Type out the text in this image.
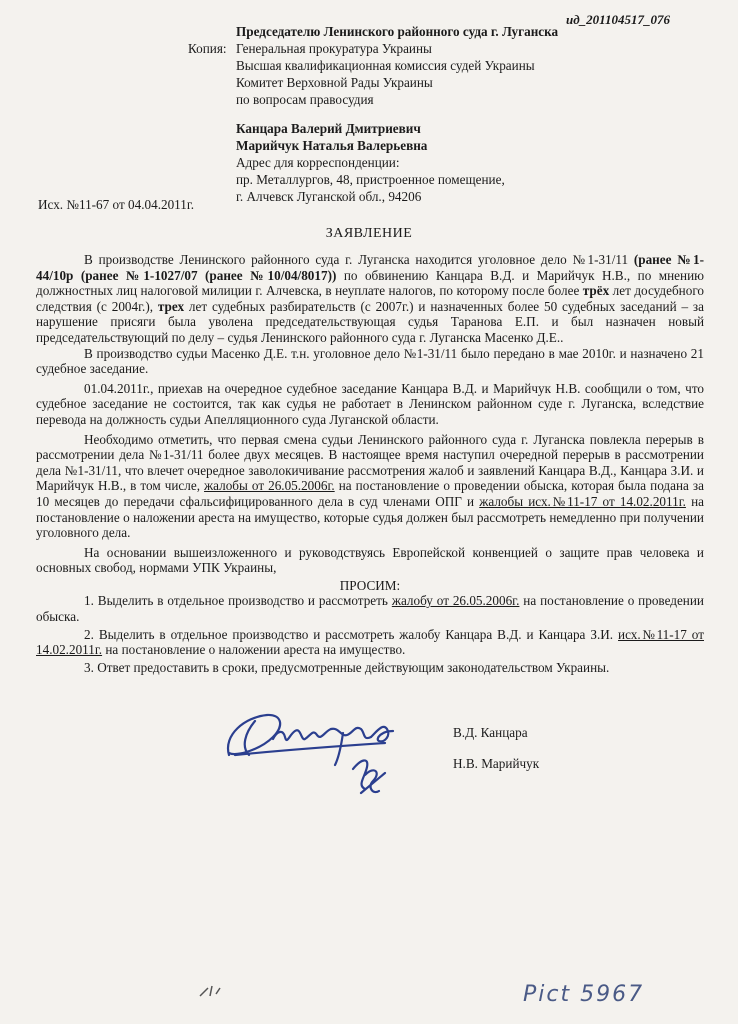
ид_201104517_076
Председателю Ленинского районного суда г. Луганска
Копия: Генеральная прокуратура Украины
Высшая квалификационная комиссия судей Украины
Комитет Верховной Рады Украины
по вопросам правосудия
Канцара Валерий Дмитриевич
Марийчук Наталья Валерьевна
Адрес для корреспонденции:
пр. Металлургов, 48, пристроенное помещение,
г. Алчевск Луганской обл., 94206
Исх. №11-67 от 04.04.2011г.
ЗАЯВЛЕНИЕ

В производстве Ленинского районного суда г. Луганска находится уголовное дело №1-31/11 (ранее №1-44/10р (ранее №1-1027/07 (ранее №10/04/8017)) по обвинению Канцара В.Д. и Марийчук Н.В., по мнению должностных лиц налоговой милиции г. Алчевска, в неуплате налогов, по которому после более трёх лет досудебного следствия (с 2004г.), трех лет судебных разбирательств (с 2007г.) и назначенных более 50 судебных заседаний – за нарушение присяги была уволена председательствующая судья Таранова Е.П. и был назначен новый председательствующий по делу – судья Ленинского районного суда г. Луганска Масенко Д.Е..

В производство судьи Масенко Д.Е. т.н. уголовное дело №1-31/11 было передано в мае 2010г. и назначено 21 судебное заседание.

01.04.2011г., приехав на очередное судебное заседание Канцара В.Д. и Марийчук Н.В. сообщили о том, что судебное заседание не состоится, так как судья не работает в Ленинском районном суде г. Луганска, вследствие перевода на должность судьи Апелляционного суда Луганской области.

Необходимо отметить, что первая смена судьи Ленинского районного суда г. Луганска повлекла перерыв в рассмотрении дела №1-31/11 более двух месяцев. В настоящее время наступил очередной перерыв в рассмотрении дела №1-31/11, что влечет очередное заволокичивание рассмотрения жалоб и заявлений Канцара В.Д., Канцара З.И. и Марийчук Н.В., в том числе, жалобы от 26.05.2006г. на постановление о проведении обыска, которая была подана за 10 месяцев до передачи сфальсифицированного дела в суд членами ОПГ и жалобы исх.№11-17 от 14.02.2011г. на постановление о наложении ареста на имущество, которые судья должен был рассмотреть немедленно при получении уголовного дела.

На основании вышеизложенного и руководствуясь Европейской конвенцией о защите прав человека и основных свобод, нормами УПК Украины,

ПРОСИМ:

1. Выделить в отдельное производство и рассмотреть жалобу от 26.05.2006г. на постановление о проведении обыска.

2. Выделить в отдельное производство и рассмотреть жалобу Канцара В.Д. и Канцара З.И. исх.№11-17 от 14.02.2011г. на постановление о наложении ареста на имущество.

3. Ответ предоставить в сроки, предусмотренные действующим законодательством Украины.

В.Д. Канцара
Н.В. Марийчук
Pict 5967
